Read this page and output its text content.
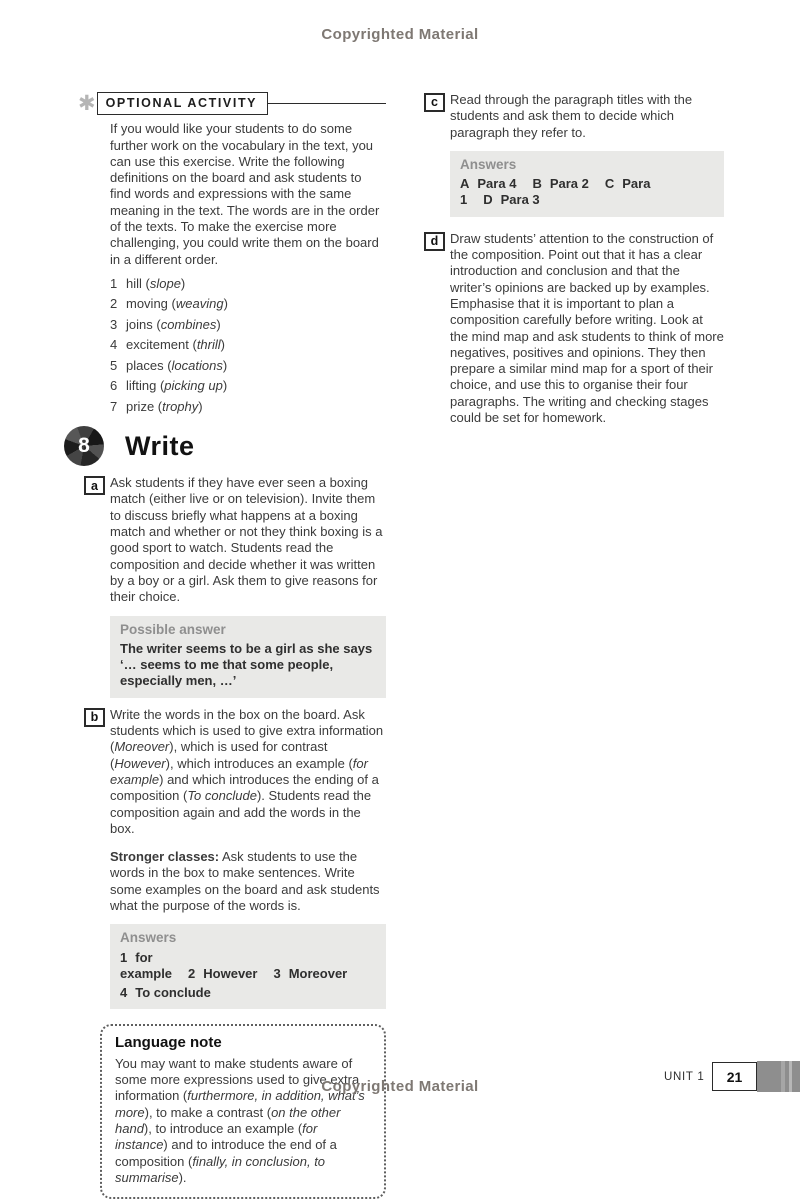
Copyrighted Material
✱ OPTIONAL ACTIVITY

If you would like your students to do some further work on the vocabulary in the text, you can use this exercise. Write the following definitions on the board and ask students to find words and expressions with the same meaning in the text. The words are in the order of the texts. To make the exercise more challenging, you could write them on the board in a different order.

1 hill ( slope )
2 moving ( weaving )
3 joins ( combines )
4 excitement ( thrill )
5 places ( locations )
6 lifting ( picking up )
7 prize ( trophy )
8	Write
a Ask students if they have ever seen a boxing match (either live or on television). Invite them to discuss briefly what happens at a boxing match and whether or not they think boxing is a good sport to watch. Students read the composition and decide whether it was written by a boy or a girl. Ask them to give reasons for their choice.
Possible answer
The writer seems to be a girl as she says ‘… seems to me that some people, especially men, …’
b Write the words in the box on the board. Ask students which is used to give extra information (Moreover), which is used for contrast (However), which introduces an example (for example) and which introduces the ending of a composition (To conclude). Students read the composition again and add the words in the box.

Stronger classes: Ask students to use the words in the box to make sentences. Write some examples on the board and ask students what the purpose of the words is.

Answers
1 for example 2 However 3 Moreover
4 To conclude
Language note
You may want to make students aware of some more expressions used to give extra information (furthermore, in addition, what’s more), to make a contrast (on the other hand), to introduce an example (for instance) and to introduce the end of a composition (finally, in conclusion, to summarise).
c Read through the paragraph titles with the students and ask them to decide which paragraph they refer to.
Answers
A Para 4 B Para 2 C Para 1 D Para 3
d Draw students’ attention to the construction of the composition. Point out that it has a clear introduction and conclusion and that the writer’s opinions are backed up by examples. Emphasise that it is important to plan a composition carefully before writing. Look at the mind map and ask students to think of more negatives, positives and opinions. They then prepare a similar mind map for a sport of their choice, and use this to organise their four paragraphs. The writing and checking stages could be set for homework.
UNIT 1	21
Copyrighted Material
